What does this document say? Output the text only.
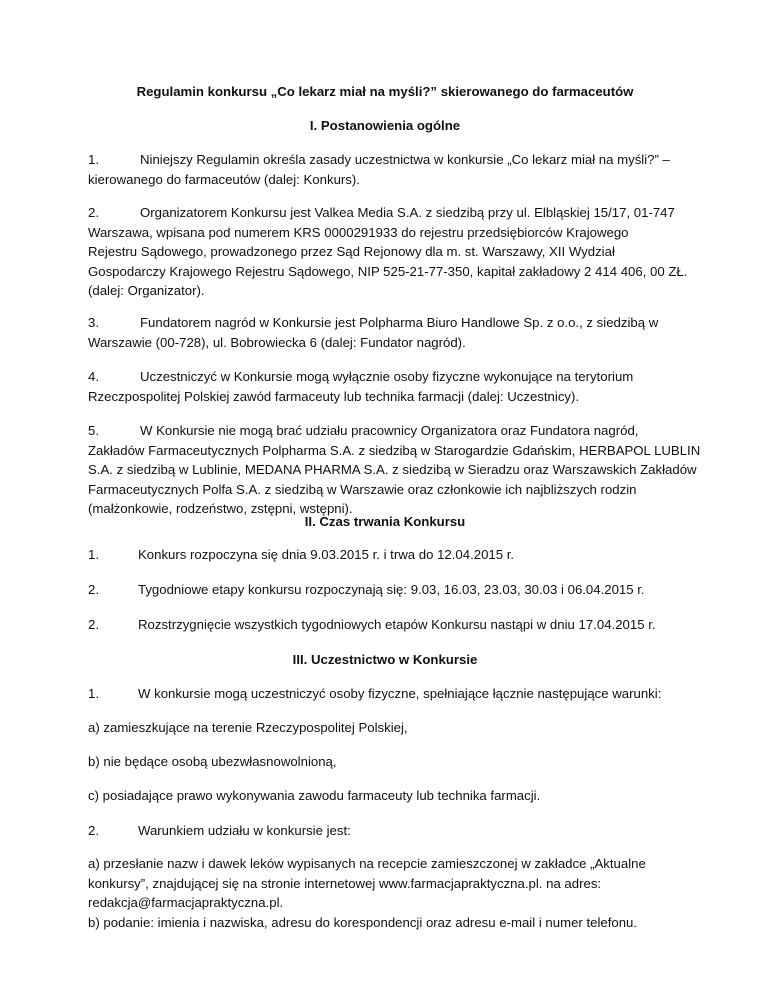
Regulamin konkursu „Co lekarz miał na myśli?” skierowanego do farmaceutów
I. Postanowienia ogólne
1.	Niniejszy Regulamin określa zasady uczestnictwa w konkursie „Co lekarz miał na myśli?” –
kierowanego do farmaceutów (dalej: Konkurs).
2.	Organizatorem Konkursu jest Valkea Media S.A. z siedzibą przy ul. Elbląskiej 15/17, 01-747
Warszawa, wpisana pod numerem KRS 0000291933 do rejestru przedsiębiorców Krajowego
Rejestru Sądowego, prowadzonego przez Sąd Rejonowy dla m. st. Warszawy, XII Wydział
Gospodarczy Krajowego Rejestru Sądowego, NIP 525-21-77-350, kapitał zakładowy 2 414 406, 00 ZŁ.
(dalej: Organizator).
3.	Fundatorem nagród w Konkursie jest Polpharma Biuro Handlowe Sp. z o.o., z siedzibą w
Warszawie (00-728), ul. Bobrowiecka 6 (dalej: Fundator nagród).
4.	Uczestniczyć w Konkursie mogą wyłącznie osoby fizyczne wykonujące na terytorium
Rzeczpospolitej Polskiej zawód farmaceuty lub technika farmacji (dalej: Uczestnicy).
5.	W Konkursie nie mogą brać udziału pracownicy Organizatora oraz Fundatora nagród,
Zakładów Farmaceutycznych Polpharma S.A. z siedzibą w Starogardzie Gdańskim, HERBAPOL LUBLIN
S.A. z siedzibą w Lublinie, MEDANA PHARMA S.A. z siedzibą w Sieradzu oraz Warszawskich Zakładów
Farmaceutycznych Polfa S.A. z siedzibą w Warszawie oraz członkowie ich najbliższych rodzin
(małżonkowie, rodzeństwo, zstępni, wstępni).
II. Czas trwania Konkursu
1.	Konkurs rozpoczyna się dnia 9.03.2015 r. i trwa do 12.04.2015 r.
2.	Tygodniowe etapy konkursu rozpoczynają się: 9.03, 16.03, 23.03, 30.03 i 06.04.2015 r.
2.	Rozstrzygnięcie wszystkich tygodniowych etapów Konkursu nastąpi w dniu 17.04.2015 r.
III. Uczestnictwo w Konkursie
1.	W konkursie mogą uczestniczyć osoby fizyczne, spełniające łącznie następujące warunki:
a) zamieszkujące na terenie Rzeczypospolitej Polskiej,
b) nie będące osobą ubezwłasnowolnioną,
c) posiadające prawo wykonywania zawodu farmaceuty lub technika farmacji.
2.	Warunkiem udziału w konkursie jest:
a) przesłanie nazw i dawek leków wypisanych na recepcie zamieszczonej w zakładce „Aktualne
konkursy”, znajdującej się na stronie internetowej www.farmacjapraktyczna.pl. na adres:
redakcja@farmacjapraktyczna.pl.
b) podanie: imienia i nazwiska, adresu do korespondencji oraz adresu e-mail i numer telefonu.
